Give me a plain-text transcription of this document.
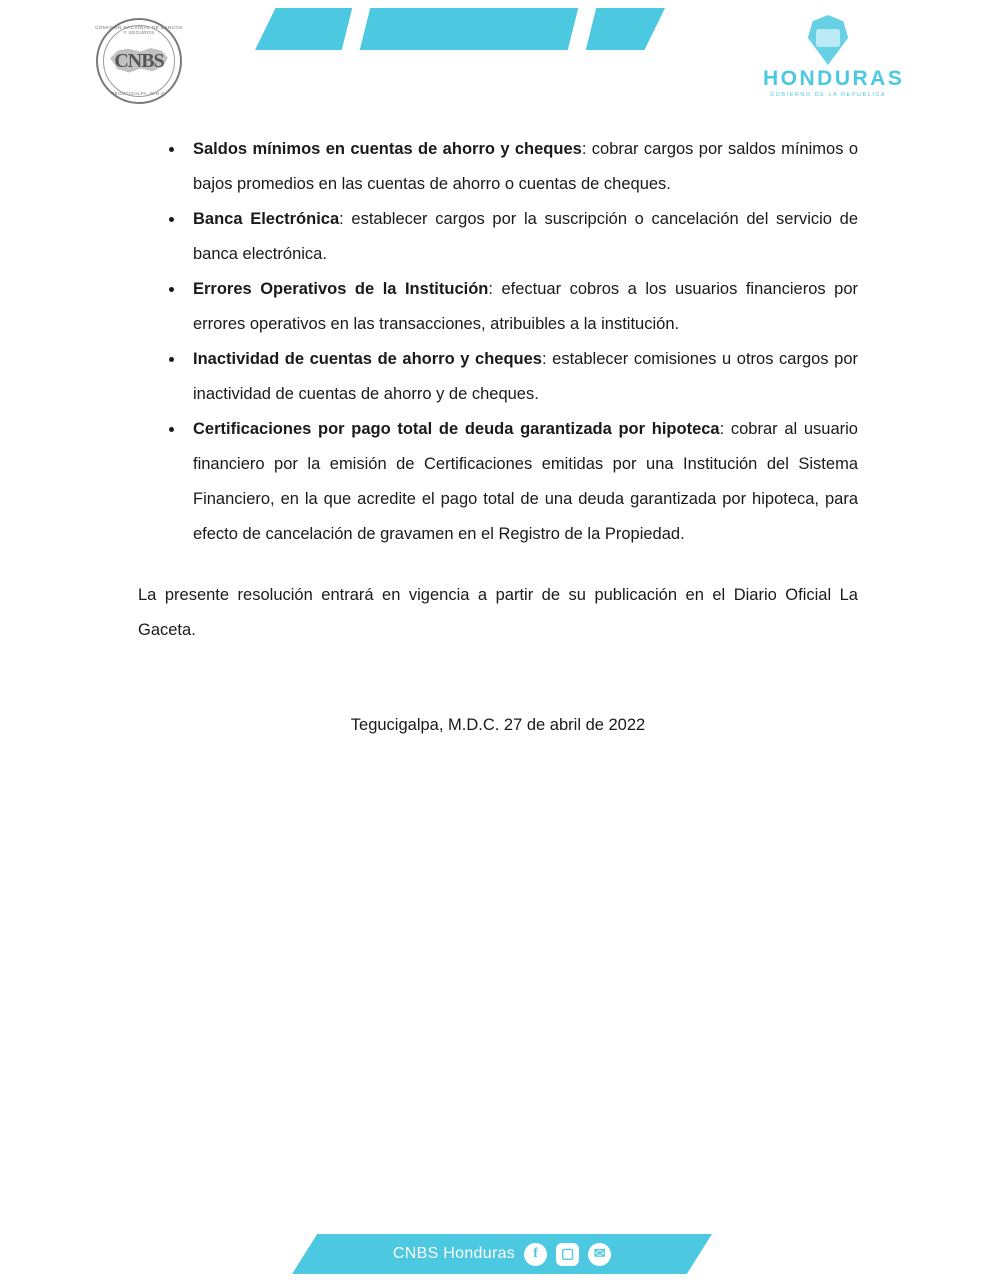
COMISION NACIONAL DE BANCOS Y SEGUROS
CNBS
TEGUCIGALPA, M.D.C.
HONDURAS
GOBIERNO DE LA REPUBLICA
Saldos mínimos en cuentas de ahorro y cheques: cobrar cargos por saldos mínimos o bajos promedios en las cuentas de ahorro o cuentas de cheques.
Banca Electrónica: establecer cargos por la suscripción o cancelación del servicio de banca electrónica.
Errores Operativos de la Institución: efectuar cobros a los usuarios financieros por errores operativos en las transacciones, atribuibles a la institución.
Inactividad de cuentas de ahorro y cheques: establecer comisiones u otros cargos por inactividad de cuentas de ahorro y de cheques.
Certificaciones por pago total de deuda garantizada por hipoteca: cobrar al usuario financiero por la emisión de Certificaciones emitidas por una Institución del Sistema Financiero, en la que acredite el pago total de una deuda garantizada por hipoteca, para efecto de cancelación de gravamen en el Registro de la Propiedad.

La presente resolución entrará en vigencia a partir de su publicación en el Diario Oficial La Gaceta.

Tegucigalpa, M.D.C. 27 de abril de 2022

CNBS Honduras	f	▢	✉
